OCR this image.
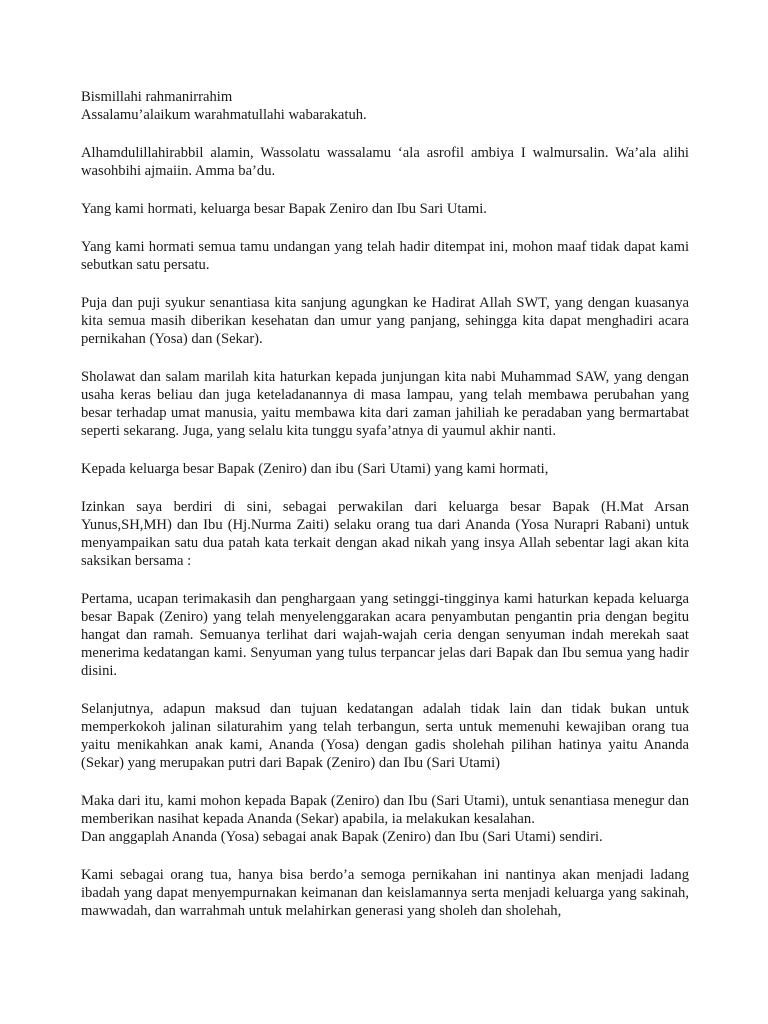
Bismillahi rahmanirrahim
Assalamu’alaikum warahmatullahi wabarakatuh.

Alhamdulillahirabbil alamin, Wassolatu wassalamu ‘ala asrofil ambiya I walmursalin. Wa’ala alihi wasohbihi ajmaiin. Amma ba’du.

Yang kami hormati, keluarga besar Bapak Zeniro dan Ibu Sari Utami.

Yang kami hormati semua tamu undangan yang telah hadir ditempat ini, mohon maaf tidak dapat kami sebutkan satu persatu.

Puja dan puji syukur senantiasa kita sanjung agungkan ke Hadirat Allah SWT, yang dengan kuasanya kita semua masih diberikan kesehatan dan umur yang panjang, sehingga kita dapat menghadiri acara pernikahan (Yosa) dan (Sekar).

Sholawat dan salam marilah kita haturkan kepada junjungan kita nabi Muhammad SAW, yang dengan usaha keras beliau dan juga keteladanannya di masa lampau, yang telah membawa perubahan yang besar terhadap umat manusia, yaitu membawa kita dari zaman jahiliah ke peradaban yang bermartabat seperti sekarang. Juga, yang selalu kita tunggu syafa’atnya di yaumul akhir nanti.

Kepada keluarga besar Bapak (Zeniro) dan ibu (Sari Utami) yang kami hormati,

Izinkan saya berdiri di sini, sebagai perwakilan dari keluarga besar Bapak (H.Mat Arsan Yunus,SH,MH) dan Ibu (Hj.Nurma Zaiti) selaku orang tua dari Ananda (Yosa Nurapri Rabani) untuk menyampaikan satu dua patah kata terkait dengan akad nikah yang insya Allah sebentar lagi akan kita saksikan bersama :

Pertama, ucapan terimakasih dan penghargaan yang setinggi-tingginya kami haturkan kepada keluarga besar Bapak (Zeniro) yang telah menyelenggarakan acara penyambutan pengantin pria dengan begitu hangat dan ramah. Semuanya terlihat dari wajah-wajah ceria dengan senyuman indah merekah saat menerima kedatangan kami. Senyuman yang tulus terpancar jelas dari Bapak dan Ibu semua yang hadir disini.

Selanjutnya, adapun maksud dan tujuan kedatangan adalah tidak lain dan tidak bukan untuk memperkokoh jalinan silaturahim yang telah terbangun, serta untuk memenuhi kewajiban orang tua yaitu menikahkan anak kami, Ananda (Yosa) dengan gadis sholehah pilihan hatinya yaitu Ananda (Sekar) yang merupakan putri dari Bapak (Zeniro) dan Ibu (Sari Utami)

Maka dari itu, kami mohon kepada Bapak (Zeniro) dan Ibu (Sari Utami), untuk senantiasa menegur dan memberikan nasihat kepada Ananda (Sekar) apabila, ia melakukan kesalahan.
Dan anggaplah Ananda (Yosa) sebagai anak Bapak (Zeniro) dan Ibu (Sari Utami) sendiri.

Kami sebagai orang tua, hanya bisa berdo’a semoga pernikahan ini nantinya akan menjadi ladang ibadah yang dapat menyempurnakan keimanan dan keislamannya serta menjadi keluarga yang sakinah, mawwadah, dan warrahmah untuk melahirkan generasi yang sholeh dan sholehah,
